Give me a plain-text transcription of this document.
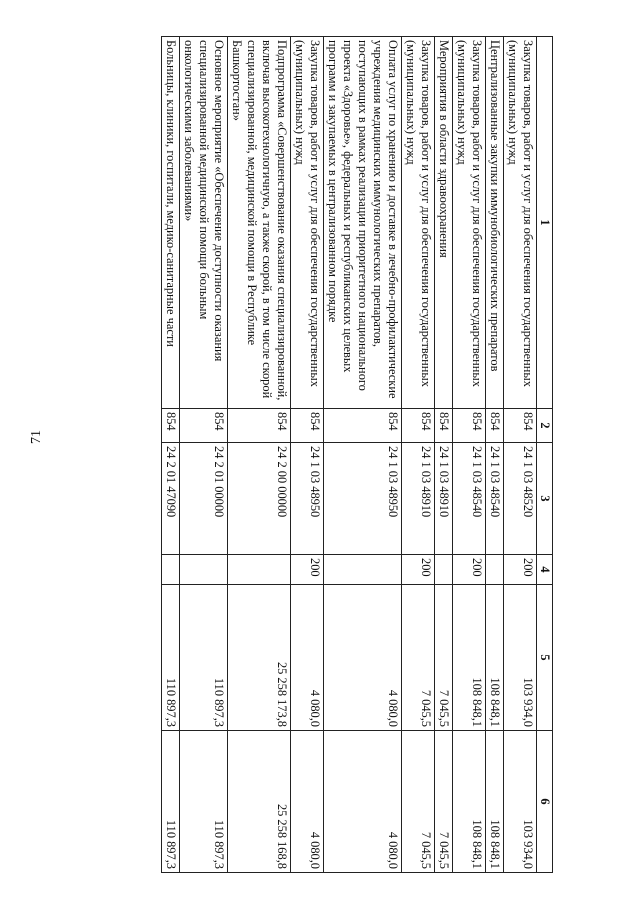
71
1	2	3	4	5	6
Закупка товаров, работ и услуг для обеспечения государственных (муниципальных) нужд	854	24 1 03 48520	200	103 934,0	103 934,0
Централизованные закупки иммунобиологических препаратов	854	24 1 03 48540		108 848,1	108 848,1
Закупка товаров, работ и услуг для обеспечения государственных (муниципальных) нужд	854	24 1 03 48540	200	108 848,1	108 848,1
Мероприятия в области здравоохранения	854	24 1 03 48910		7 045,5	7 045,5
Закупка товаров, работ и услуг для обеспечения государственных (муниципальных) нужд	854	24 1 03 48910	200	7 045,5	7 045,5
Оплата услуг по хранению и доставке в лечебно-профилактические учреждения медицинских иммунологических препаратов, поступающих в рамках реализации приоритетного национального проекта «Здоровье», федеральных и республиканских целевых программ и закупаемых в централизованном порядке	854	24 1 03 48950		4 080,0	4 080,0
Закупка товаров, работ и услуг для обеспечения государственных (муниципальных) нужд	854	24 1 03 48950	200	4 080,0	4 080,0
Подпрограмма «Совершенствование оказания специализированной, включая высокотехнологичную, а также скорой, в том числе скорой специализированной, медицинской помощи в Республике Башкортостан»	854	24 2 00 00000		25 258 173,8	25 258 168,8
Основное мероприятие «Обеспечение доступности оказания специализированной медицинской помощи больным онкологическими заболеваниями»	854	24 2 01 00000		110 897,3	110 897,3
Больницы, клиники, госпитали, медико-санитарные части	854	24 2 01 47090		110 897,3	110 897,3
